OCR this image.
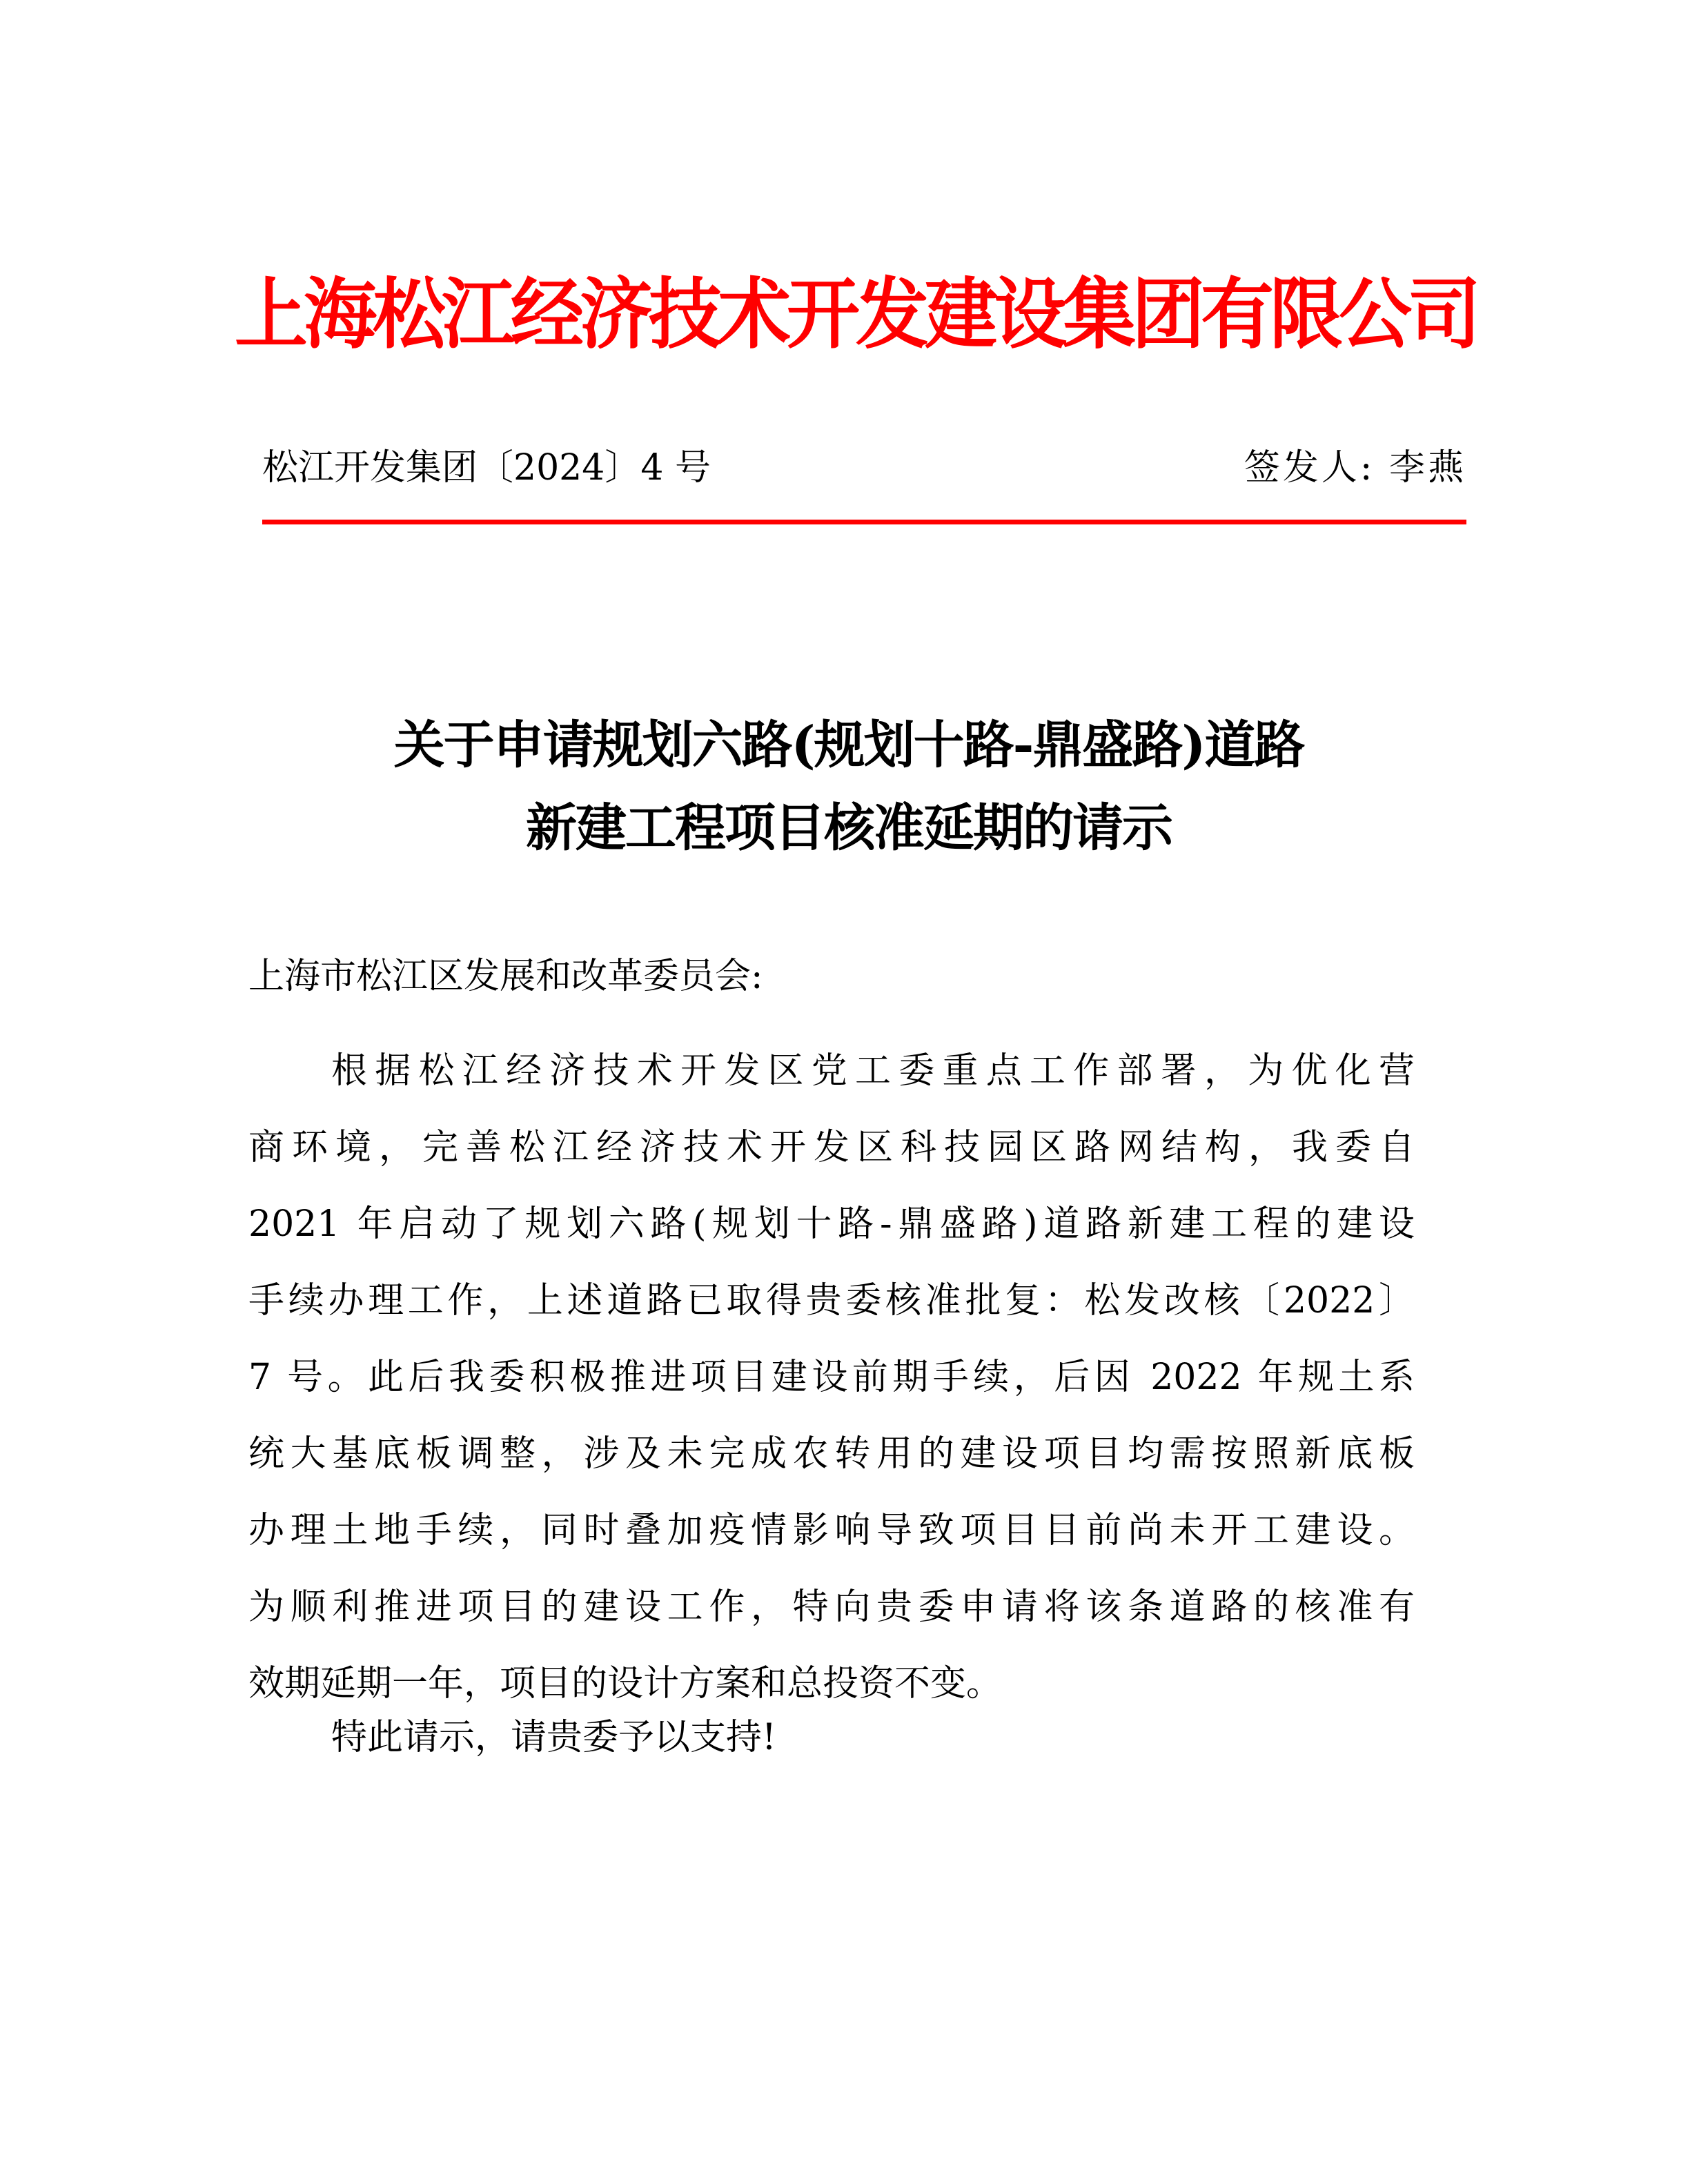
上海松江经济技术开发建设集团有限公司
松江开发集团〔2024〕4 号	签发人: 李燕
关于申请规划六路(规划十路-鼎盛路)道路
新建工程项目核准延期的请示
上海市松江区发展和改革委员会:
根据松江经济技术开发区党工委重点工作部署，为优化营
商环境，完善松江经济技术开发区科技园区路网结构，我委自
2021 年启动了规划六路(规划十路-鼎盛路)道路新建工程的建设
手续办理工作，上述道路已取得贵委核准批复：松发改核〔2022〕
7 号。此后我委积极推进项目建设前期手续，后因 2022 年规土系
统大基底板调整，涉及未完成农转用的建设项目均需按照新底板
办理土地手续，同时叠加疫情影响导致项目目前尚未开工建设。
为顺利推进项目的建设工作，特向贵委申请将该条道路的核准有
效期延期一年，项目的设计方案和总投资不变。
特此请示，请贵委予以支持!
